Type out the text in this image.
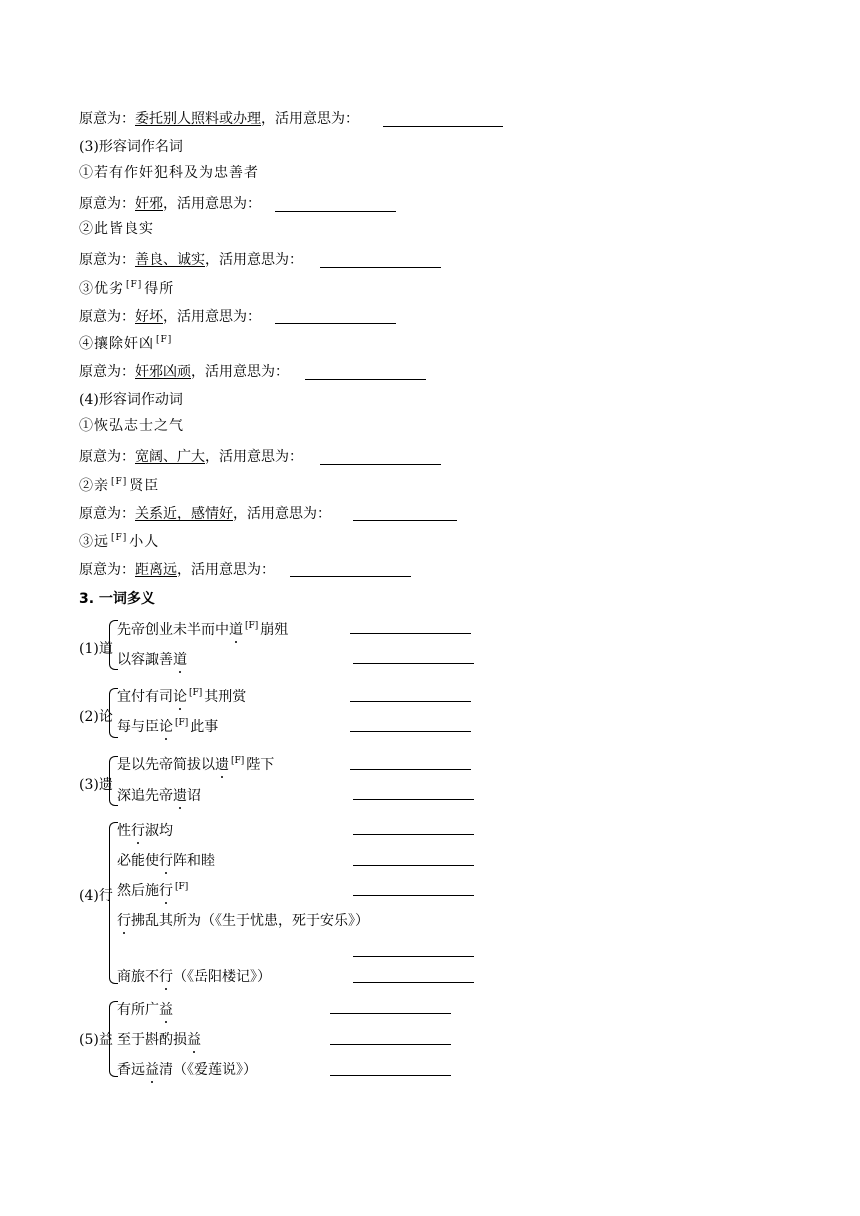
原意为：委托别人照料或办理，活用意思为：
(3)形容词作名词
①若有作奸犯科及为忠善者
原意为：奸邪，活用意思为：
②此皆良实
原意为：善良、诚实，活用意思为：
③优劣 [F] 得所
原意为：好坏，活用意思为：
④攘除奸凶 [F]
原意为：奸邪凶顽，活用意思为：
(4)形容词作动词
①恢弘志士之气
原意为：宽阔、广大，活用意思为：
②亲 [F] 贤臣
原意为：关系近，感情好，活用意思为：
③远 [F] 小人
原意为：距离远，活用意思为：
3. 一词多义
(1)道
先帝创业未半而中道 [F] 崩殂
以容諏善道
(2)论
宜付有司论 [F] 其刑赏
每与臣论 [F] 此事
(3)遗
是以先帝简拔以遗 [F] 陛下
深追先帝遗诏
(4)行
性行淑均
必能使行阵和睦
然后施行 [F]
行拂乱其所为（《生于忧患，死于安乐》）
商旅不行（《岳阳楼记》）
(5)益
有所广益
至于斟酌损益
香远益清（《爱莲说》）
